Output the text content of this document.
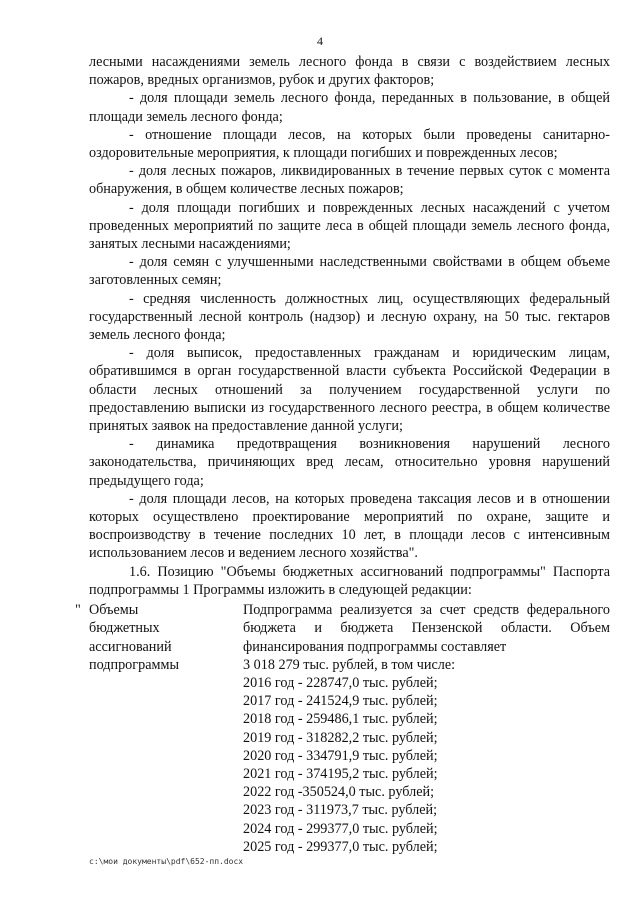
4
лесными насаждениями земель лесного фонда в связи с воздействием лесных пожаров, вредных организмов, рубок и других факторов;
- доля площади земель лесного фонда, переданных в пользование, в общей площади земель лесного фонда;
- отношение площади лесов, на которых были проведены санитарно-оздоровительные мероприятия, к площади погибших и поврежденных лесов;
- доля лесных пожаров, ликвидированных в течение первых суток с момента обнаружения, в общем количестве лесных пожаров;
- доля площади погибших и поврежденных лесных насаждений с учетом проведенных мероприятий по защите леса в общей площади земель лесного фонда, занятых лесными насаждениями;
- доля семян с улучшенными наследственными свойствами в общем объеме заготовленных семян;
- средняя численность должностных лиц, осуществляющих федеральный государственный лесной контроль (надзор) и лесную охрану, на 50 тыс. гектаров земель лесного фонда;
- доля выписок, предоставленных гражданам и юридическим лицам, обратившимся в орган государственной власти субъекта Российской Федерации в области лесных отношений за получением государственной услуги по предоставлению выписки из государственного лесного реестра, в общем количестве принятых заявок на предоставление данной услуги;
- динамика предотвращения возникновения нарушений лесного законодательства, причиняющих вред лесам, относительно уровня нарушений предыдущего года;
- доля площади лесов, на которых проведена таксация лесов и в отношении которых осуществлено проектирование мероприятий по охране, защите и воспроизводству в течение последних 10 лет, в площади лесов с интенсивным использованием лесов и ведением лесного хозяйства".
1.6. Позицию "Объемы бюджетных ассигнований подпрограммы" Паспорта подпрограммы 1 Программы изложить в следующей редакции:
" Объемы
бюджетных
ассигнований
подпрограммы
Подпрограмма реализуется за счет средств федерального бюджета и бюджета Пензенской области. Объем финансирования подпрограммы составляет
3 018 279 тыс. рублей, в том числе:
2016 год - 228747,0 тыс. рублей;
2017 год - 241524,9 тыс. рублей;
2018 год - 259486,1 тыс. рублей;
2019 год - 318282,2 тыс. рублей;
2020 год - 334791,9 тыс. рублей;
2021 год - 374195,2 тыс. рублей;
2022 год -350524,0 тыс. рублей;
2023 год - 311973,7 тыс. рублей;
2024 год - 299377,0 тыс. рублей;
2025 год - 299377,0 тыс. рублей;
c:\мои документы\pdf\652-пп.docx
